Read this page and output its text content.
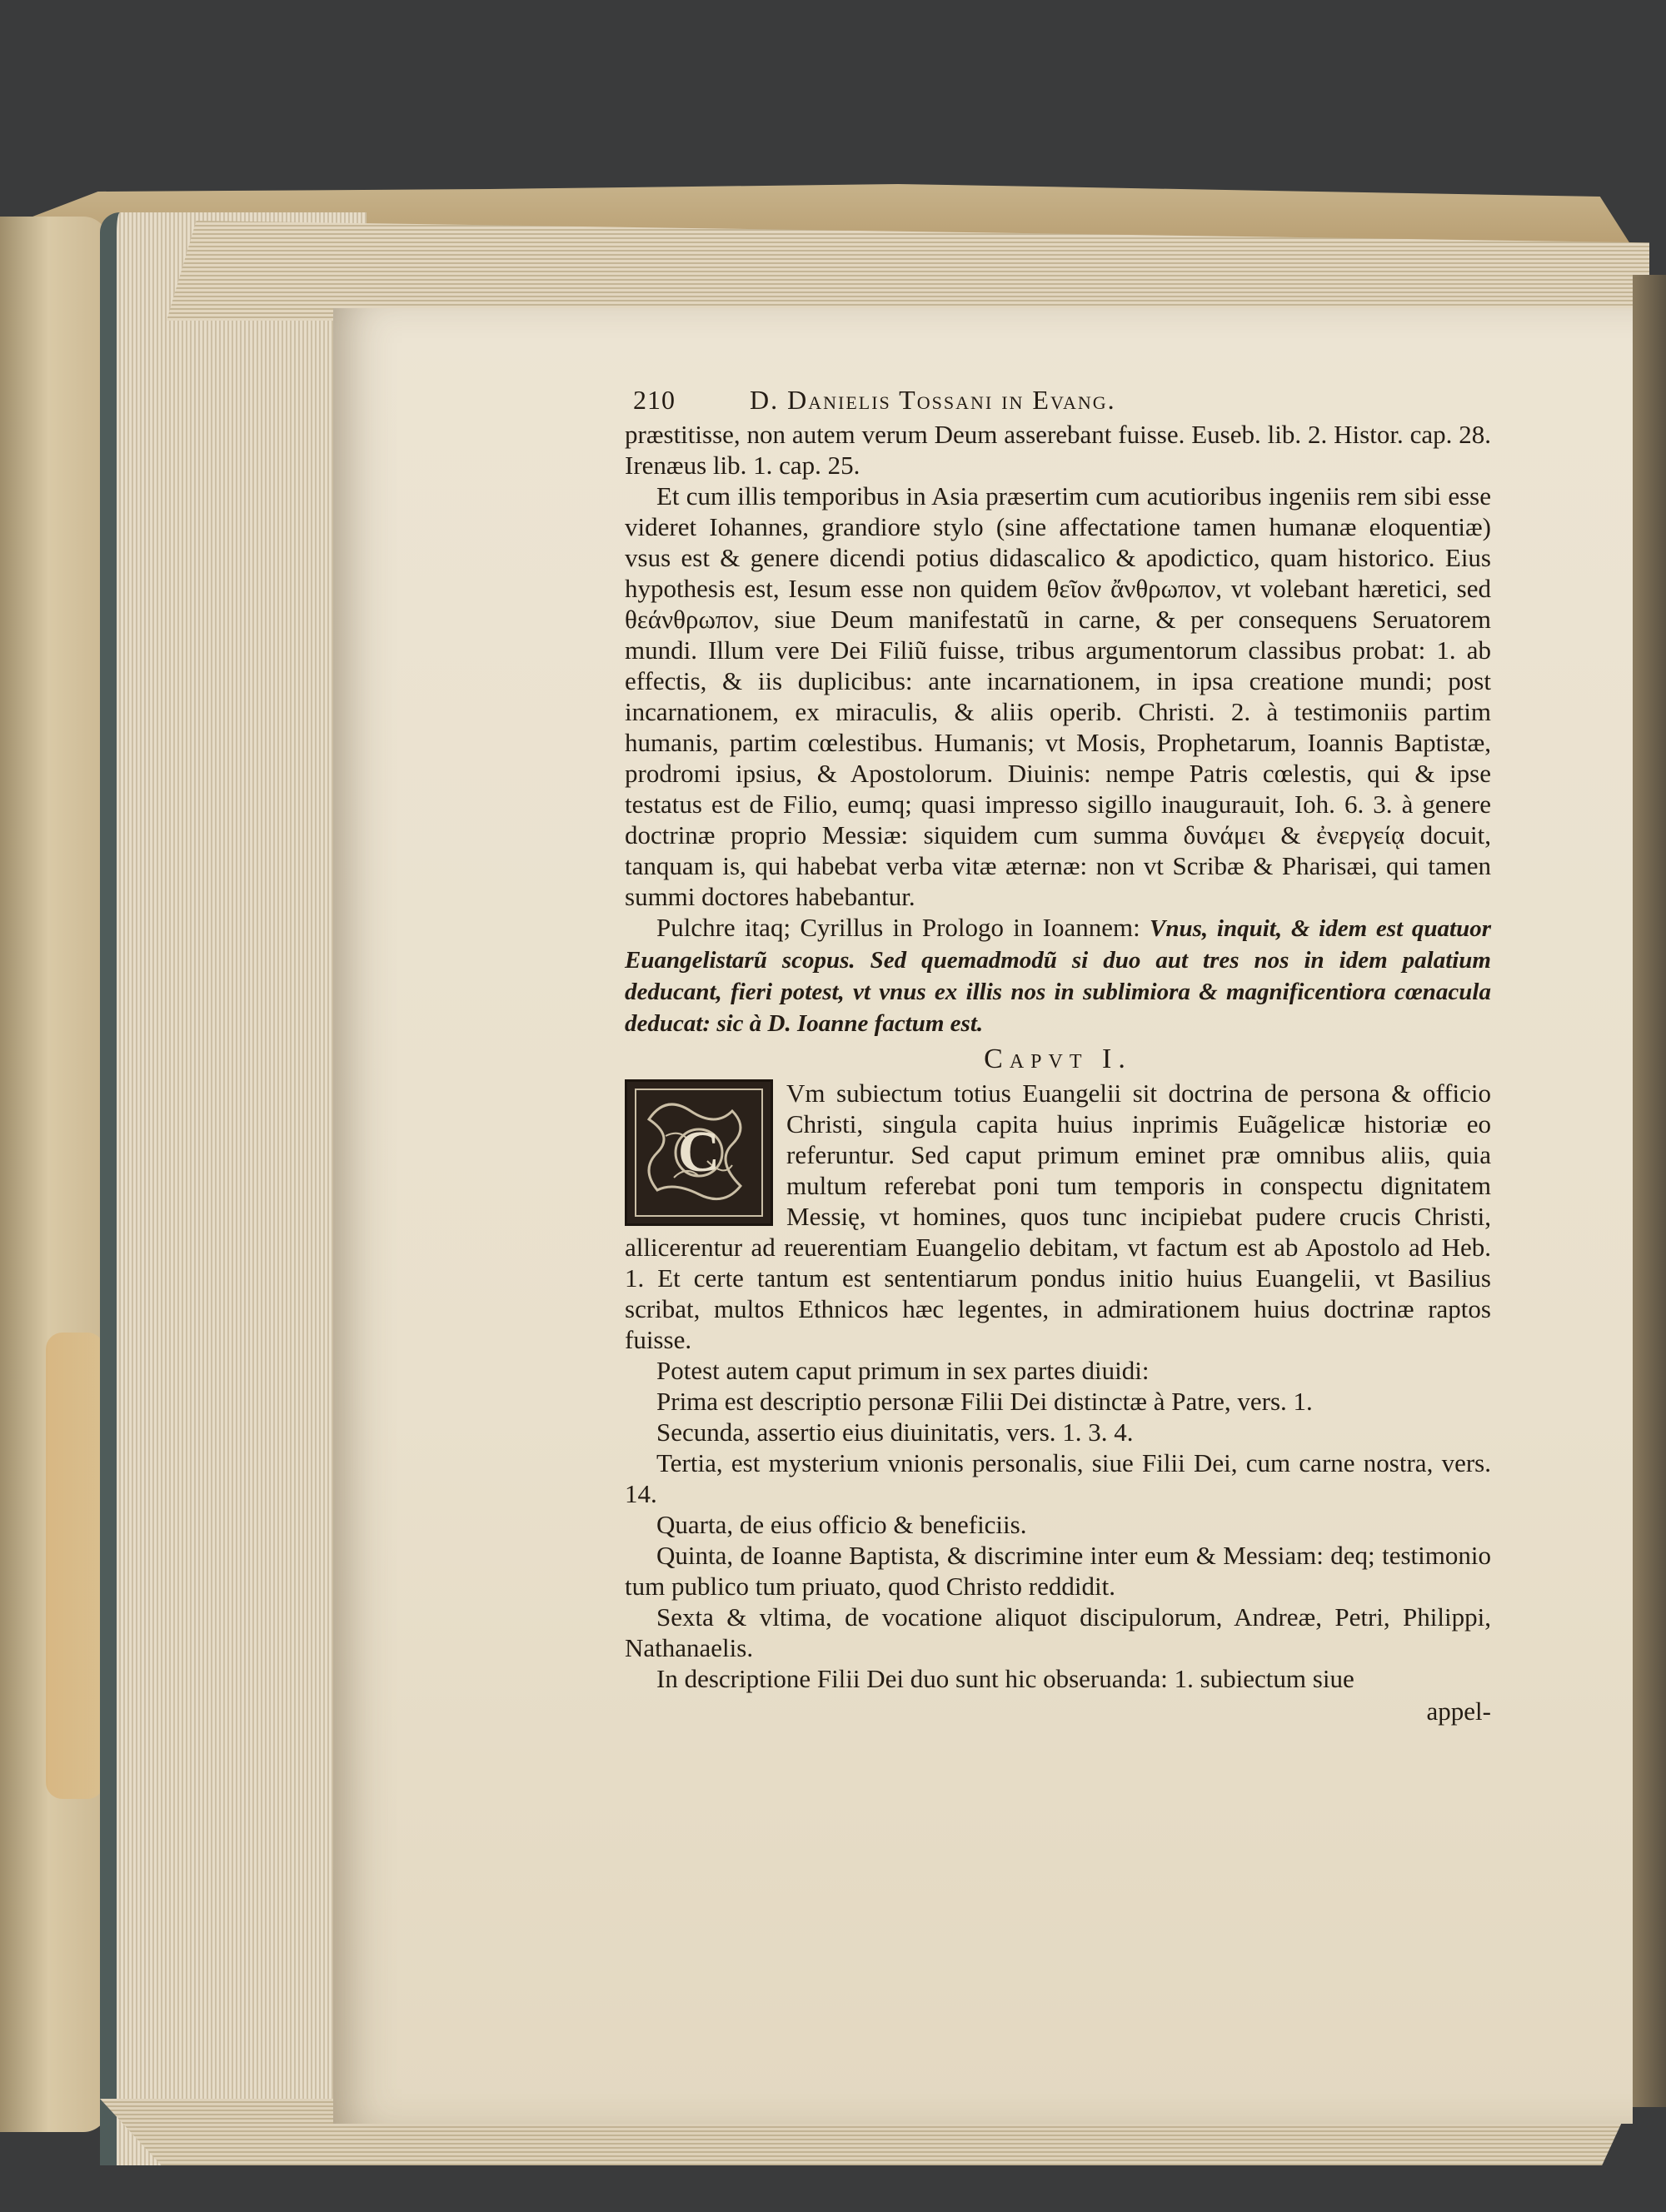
210	D. Danielis Tossani in Evang.

præstitisse, non autem verum Deum asserebant fuisse. Euseb. lib. 2. Histor. cap. 28. Irenæus lib. 1. cap. 25.

Et cum illis temporibus in Asia præsertim cum acutioribus ingeniis rem sibi esse videret Iohannes, grandiore stylo (sine affectatione tamen humanæ eloquentiæ) vsus est & genere dicendi potius didascalico & apodictico, quam historico. Eius hypothesis est, Iesum esse non quidem θεῖον ἄνθρωπον, vt volebant hæretici, sed θεάνθρωπον, siue Deum manifestatũ in carne, & per consequens Seruatorem mundi. Illum vere Dei Filiũ fuisse, tribus argumentorum classibus probat: 1. ab effectis, & iis duplicibus: ante incarnationem, in ipsa creatione mundi; post incarnationem, ex miraculis, & aliis operib. Christi. 2. à testimoniis partim humanis, partim cœlestibus. Humanis; vt Mosis, Prophetarum, Ioannis Baptistæ, prodromi ipsius, & Apostolorum. Diuinis: nempe Patris cœlestis, qui & ipse testatus est de Filio, eumq; quasi impresso sigillo inaugurauit, Ioh. 6. 3. à genere doctrinæ proprio Messiæ: siquidem cum summa δυνάμει & ἐνεργείᾳ docuit, tanquam is, qui habebat verba vitæ æternæ: non vt Scribæ & Pharisæi, qui tamen summi doctores habebantur.

Pulchre itaq; Cyrillus in Prologo in Ioannem: Vnus, inquit, & idem est quatuor Euangelistarũ scopus. Sed quemadmodũ si duo aut tres nos in idem palatium deducant, fieri potest, vt vnus ex illis nos in sublimiora & magnificentiora cœnacula deducat: sic à D. Ioanne factum est.

Capvt I.
C

Vm subiectum totius Euangelii sit doctrina de persona & officio Christi, singula capita huius inprimis Euãgelicæ historiæ eo referuntur. Sed caput primum eminet præ omnibus aliis, quia multum referebat poni tum temporis in conspectu dignitatem Messię, vt homines, quos tunc incipiebat pudere crucis Christi, allicerentur ad reuerentiam Euangelio debitam, vt factum est ab Apostolo ad Heb. 1. Et certe tantum est sententiarum pondus initio huius Euangelii, vt Basilius scribat, multos Ethnicos hæc legentes, in admirationem huius doctrinæ raptos fuisse.

Potest autem caput primum in sex partes diuidi:

Prima est descriptio personæ Filii Dei distinctæ à Patre, vers. 1.

Secunda, assertio eius diuinitatis, vers. 1. 3. 4.

Tertia, est mysterium vnionis personalis, siue Filii Dei, cum carne nostra, vers. 14.

Quarta, de eius officio & beneficiis.

Quinta, de Ioanne Baptista, & discrimine inter eum & Messiam: deq; testimonio tum publico tum priuato, quod Christo reddidit.

Sexta & vltima, de vocatione aliquot discipulorum, Andreæ, Petri, Philippi, Nathanaelis.

In descriptione Filii Dei duo sunt hic obseruanda: 1. subiectum siue

appel-
